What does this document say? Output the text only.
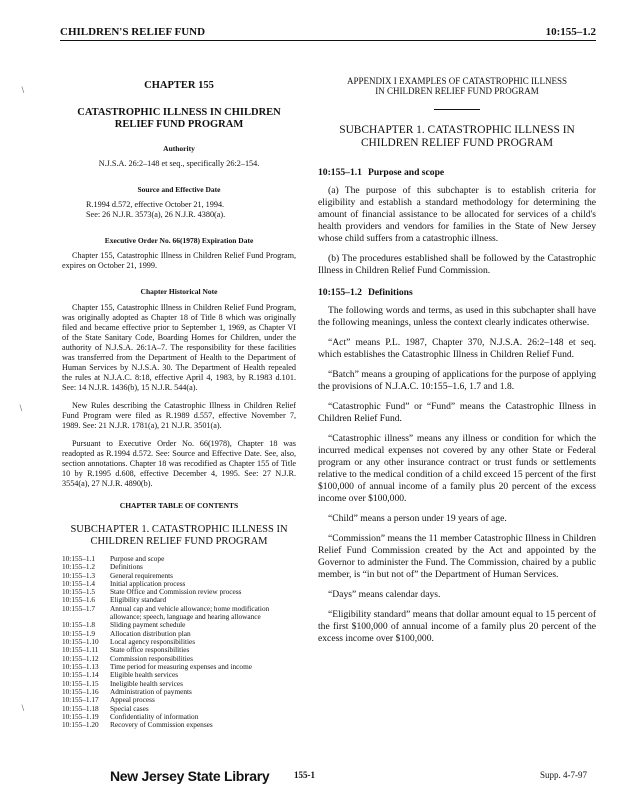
CHILDREN'S RELIEF FUND	10:155–1.2
CHAPTER 155
CATASTROPHIC ILLNESS IN CHILDREN
RELIEF FUND PROGRAM
Authority
N.J.S.A. 26:2–148 et seq., specifically 26:2–154.
Source and Effective Date
R.1994 d.572, effective October 21, 1994.
See: 26 N.J.R. 3573(a), 26 N.J.R. 4380(a).
Executive Order No. 66(1978) Expiration Date

Chapter 155, Catastrophic Illness in Children Relief Fund Program, expires on October 21, 1999.

Chapter Historical Note

Chapter 155, Catastrophic Illness in Children Relief Fund Program, was originally adopted as Chapter 18 of Title 8 which was originally filed and became effective prior to September 1, 1969, as Chapter VI of the State Sanitary Code, Boarding Homes for Children, under the authority of N.J.S.A. 26:1A–7. The responsibility for these facilities was transferred from the Department of Health to the Department of Human Services by N.J.S.A. 30. The Department of Health repealed the rules at N.J.A.C. 8:18, effective April 4, 1983, by R.1983 d.101. See: 14 N.J.R. 1436(b), 15 N.J.R. 544(a).

New Rules describing the Catastrophic Illness in Children Relief Fund Program were filed as R.1989 d.557, effective November 7, 1989. See: 21 N.J.R. 1781(a), 21 N.J.R. 3501(a).

Pursuant to Executive Order No. 66(1978), Chapter 18 was readopted as R.1994 d.572. See: Source and Effective Date. See, also, section annotations. Chapter 18 was recodified as Chapter 155 of Title 10 by R.1995 d.608, effective December 4, 1995. See: 27 N.J.R. 3554(a), 27 N.J.R. 4890(b).

CHAPTER TABLE OF CONTENTS
SUBCHAPTER 1. CATASTROPHIC ILLNESS IN
CHILDREN RELIEF FUND PROGRAM
10:155–1.1	Purpose and scope
10:155–1.2	Definitions
10:155–1.3	General requirements
10:155–1.4	Initial application process
10:155–1.5	State Office and Commission review process
10:155–1.6	Eligibility standard
10:155–1.7	Annual cap and vehicle allowance; home modification allowance; speech, language and hearing allowance
10:155–1.8	Sliding payment schedule
10:155–1.9	Allocation distribution plan
10:155–1.10	Local agency responsibilities
10:155–1.11	State office responsibilities
10:155–1.12	Commission responsibilities
10:155–1.13	Time period for measuring expenses and income
10:155–1.14	Eligible health services
10:155–1.15	Ineligible health services
10:155–1.16	Administration of payments
10:155–1.17	Appeal process
10:155–1.18	Special cases
10:155–1.19	Confidentiality of information
10:155–1.20	Recovery of Commission expenses
APPENDIX I EXAMPLES OF CATASTROPHIC ILLNESS
IN CHILDREN RELIEF FUND PROGRAM
SUBCHAPTER 1. CATASTROPHIC ILLNESS IN
CHILDREN RELIEF FUND PROGRAM
10:155–1.1 Purpose and scope

(a) The purpose of this subchapter is to establish criteria for eligibility and establish a standard methodology for determining the amount of financial assistance to be allocated for services of a child's health providers and vendors for families in the State of New Jersey whose child suffers from a catastrophic illness.

(b) The procedures established shall be followed by the Catastrophic Illness in Children Relief Fund Commission.

10:155–1.2 Definitions

The following words and terms, as used in this subchapter shall have the following meanings, unless the context clearly indicates otherwise.

“Act” means P.L. 1987, Chapter 370, N.J.S.A. 26:2–148 et seq. which establishes the Catastrophic Illness in Children Relief Fund.

“Batch” means a grouping of applications for the purpose of applying the provisions of N.J.A.C. 10:155–1.6, 1.7 and 1.8.

“Catastrophic Fund” or “Fund” means the Catastrophic Illness in Children Relief Fund.

“Catastrophic illness” means any illness or condition for which the incurred medical expenses not covered by any other State or Federal program or any other insurance contract or trust funds or settlements relative to the medical condition of a child exceed 15 percent of the first $100,000 of annual income of a family plus 20 percent of the excess income over $100,000.

“Child” means a person under 19 years of age.

“Commission” means the 11 member Catastrophic Illness in Children Relief Fund Commission created by the Act and appointed by the Governor to administer the Fund. The Commission, chaired by a public member, is “in but not of” the Department of Human Services.

“Days” means calendar days.

“Eligibility standard” means that dollar amount equal to 15 percent of the first $100,000 of annual income of a family plus 20 percent of the excess income over $100,000.

∖
∖
∖
New Jersey State Library	155-1	Supp. 4-7-97
